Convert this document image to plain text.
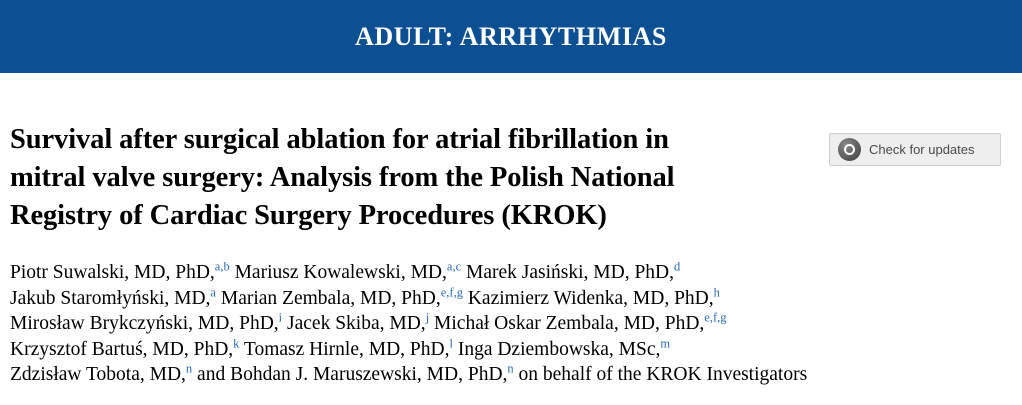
ADULT: ARRHYTHMIAS
Survival after surgical ablation for atrial fibrillation in
mitral valve surgery: Analysis from the Polish National
Registry of Cardiac Surgery Procedures (KROK)
Check for updates
Piotr Suwalski, MD, PhD,$^{a,b}$ Mariusz Kowalewski, MD,$^{a,c}$ Marek Jasiński, MD, PhD,$^d$
Jakub Staromłyński, MD,$^a$ Marian Zembala, MD, PhD,$^{e,f,g}$ Kazimierz Widenka, MD, PhD,$^h$
Mirosław Brykczyński, MD, PhD,$^i$ Jacek Skiba, MD,$^j$ Michał Oskar Zembala, MD, PhD,$^{e,f,g}$
Krzysztof Bartuś, MD, PhD,$^k$ Tomasz Hirnle, MD, PhD,$^l$ Inga Dziembowska, MSc,$^m$
Zdzisław Tobota, MD,$^n$ and Bohdan J. Maruszewski, MD, PhD,$^n$ on behalf of the KROK Investigators
